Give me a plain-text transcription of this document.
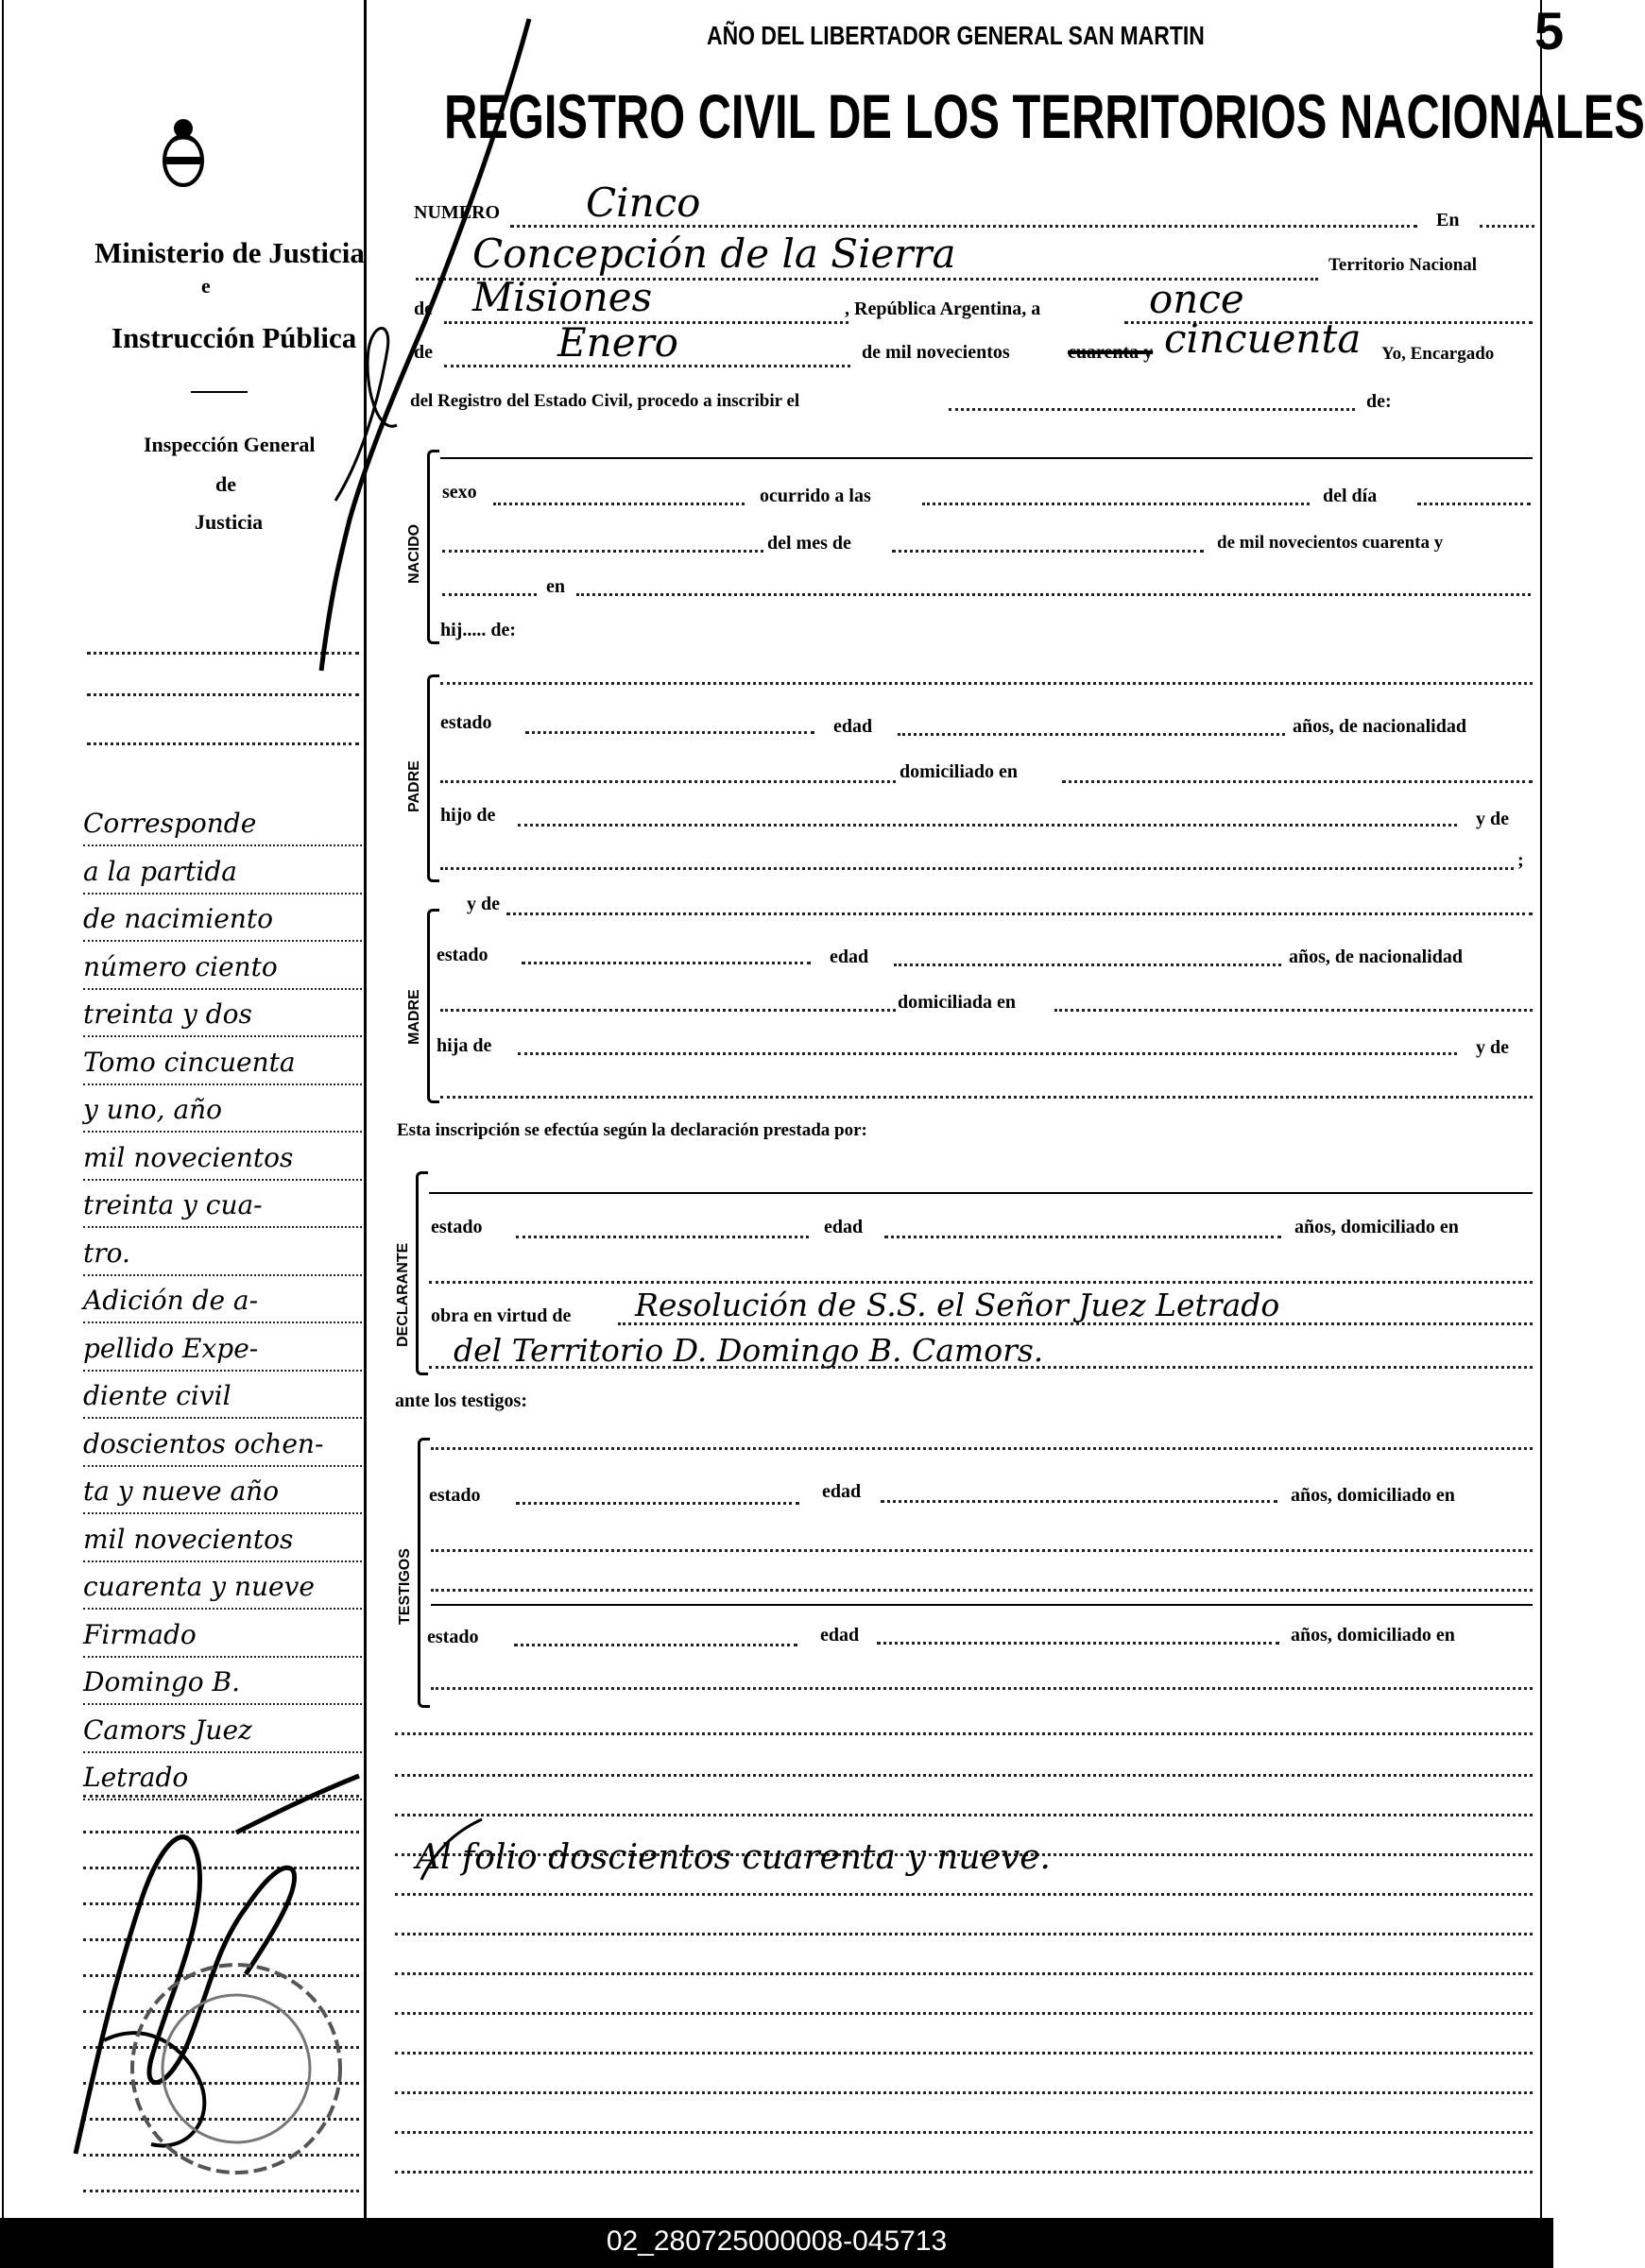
Ministerio de Justicia
e
Instrucción Pública
Inspección General
de
Justicia
Corresponde
a la partida
de nacimiento
número ciento
treinta y dos
Tomo cincuenta
y uno, año
mil novecientos
treinta y cua-
tro.
Adición de a-
pellido Expe-
diente civil
doscientos ochen-
ta y nueve año
mil novecientos
cuarenta y nueve
Firmado
Domingo B.
Camors Juez
Letrado
AÑO DEL LIBERTADOR GENERAL SAN MARTIN	5
REGISTRO CIVIL DE LOS TERRITORIOS NACIONALES
NUMERO Cinco	En
Concepción de la Sierra	Territorio Nacional
de Misiones	, República Argentina, a	once
de	Enero	de mil novecientos	cuarenta y cincuenta Yo, Encargado
del Registro del Estado Civil, procedo a inscribir el	de:
NACIDO
sexo	ocurrido a las	del día
del mes de	de mil novecientos cuarenta y
en
hij..... de:
PADRE
estado	edad	años, de nacionalidad
domiciliado en
hijo de	y de
;
y de
MADRE
estado	edad	años, de nacionalidad
domiciliada en
hija de	y de
Esta inscripción se efectúa según la declaración prestada por:
DECLARANTE
estado	edad	años, domiciliado en
obra en virtud de Resolución de S.S. el Señor Juez Letrado
del Territorio D. Domingo B. Camors.
ante los testigos:
TESTIGOS
estado	edad	años, domiciliado en
estado	edad	años, domiciliado en
Al folio doscientos cuarenta y nueve.
02_280725000008-045713
